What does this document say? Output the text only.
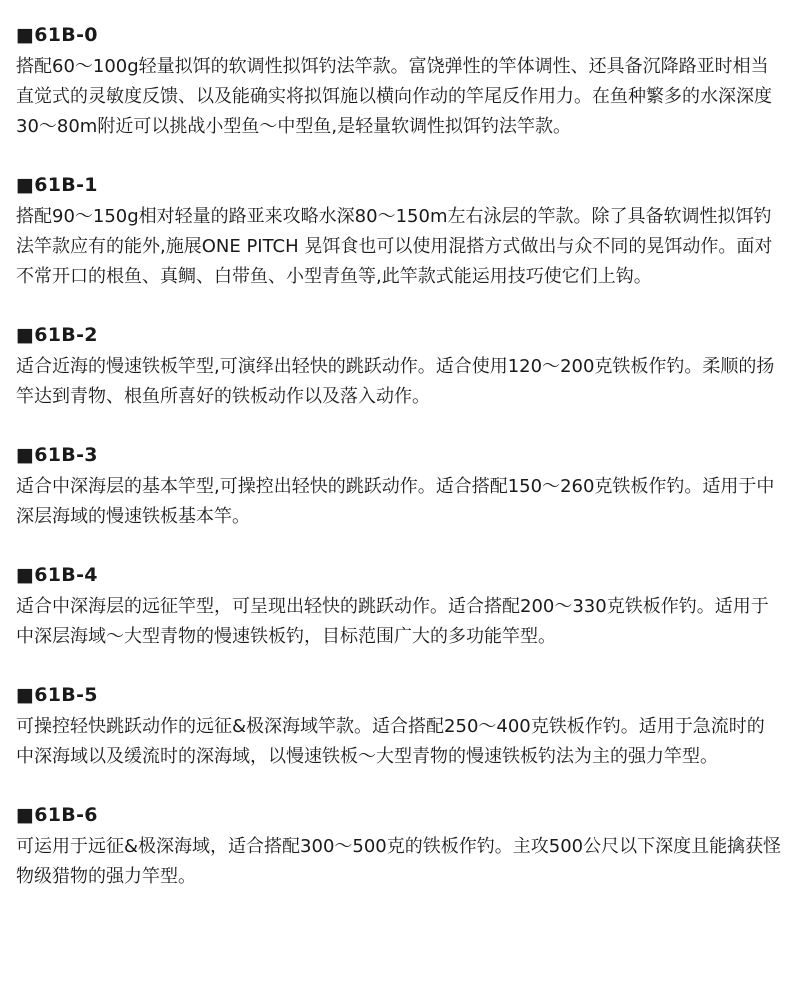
■61B-0

搭配60～100g轻量拟饵的软调性拟饵钓法竿款。富饶弹性的竿体调性、还具备沉降路亚时相当直觉式的灵敏度反馈、以及能确实将拟饵施以横向作动的竿尾反作用力。在鱼种繁多的水深深度30～80m附近可以挑战小型鱼～中型鱼,是轻量软调性拟饵钓法竿款。

■61B-1

搭配90～150g相对轻量的路亚来攻略水深80～150m左右泳层的竿款。除了具备软调性拟饵钓法竿款应有的能外,施展ONE PITCH 晃饵食也可以使用混搭方式做出与众不同的晃饵动作。面对不常开口的根鱼、真鲷、白带鱼、小型青鱼等,此竿款式能运用技巧使它们上钩。

■61B-2

适合近海的慢速铁板竿型,可演绎出轻快的跳跃动作。适合使用120～200克铁板作钓。柔顺的扬竿达到青物、根鱼所喜好的铁板动作以及落入动作。

■61B-3

适合中深海层的基本竿型,可操控出轻快的跳跃动作。适合搭配150～260克铁板作钓。适用于中深层海域的慢速铁板基本竿。

■61B-4

适合中深海层的远征竿型，可呈现出轻快的跳跃动作。适合搭配200～330克铁板作钓。适用于中深层海域～大型青物的慢速铁板钓，目标范围广大的多功能竿型。

■61B-5

可操控轻快跳跃动作的远征&极深海域竿款。适合搭配250～400克铁板作钓。适用于急流时的中深海域以及缓流时的深海域，以慢速铁板～大型青物的慢速铁板钓法为主的强力竿型。

■61B-6

可运用于远征&极深海域，适合搭配300～500克的铁板作钓。主攻500公尺以下深度且能擒获怪物级猎物的强力竿型。
